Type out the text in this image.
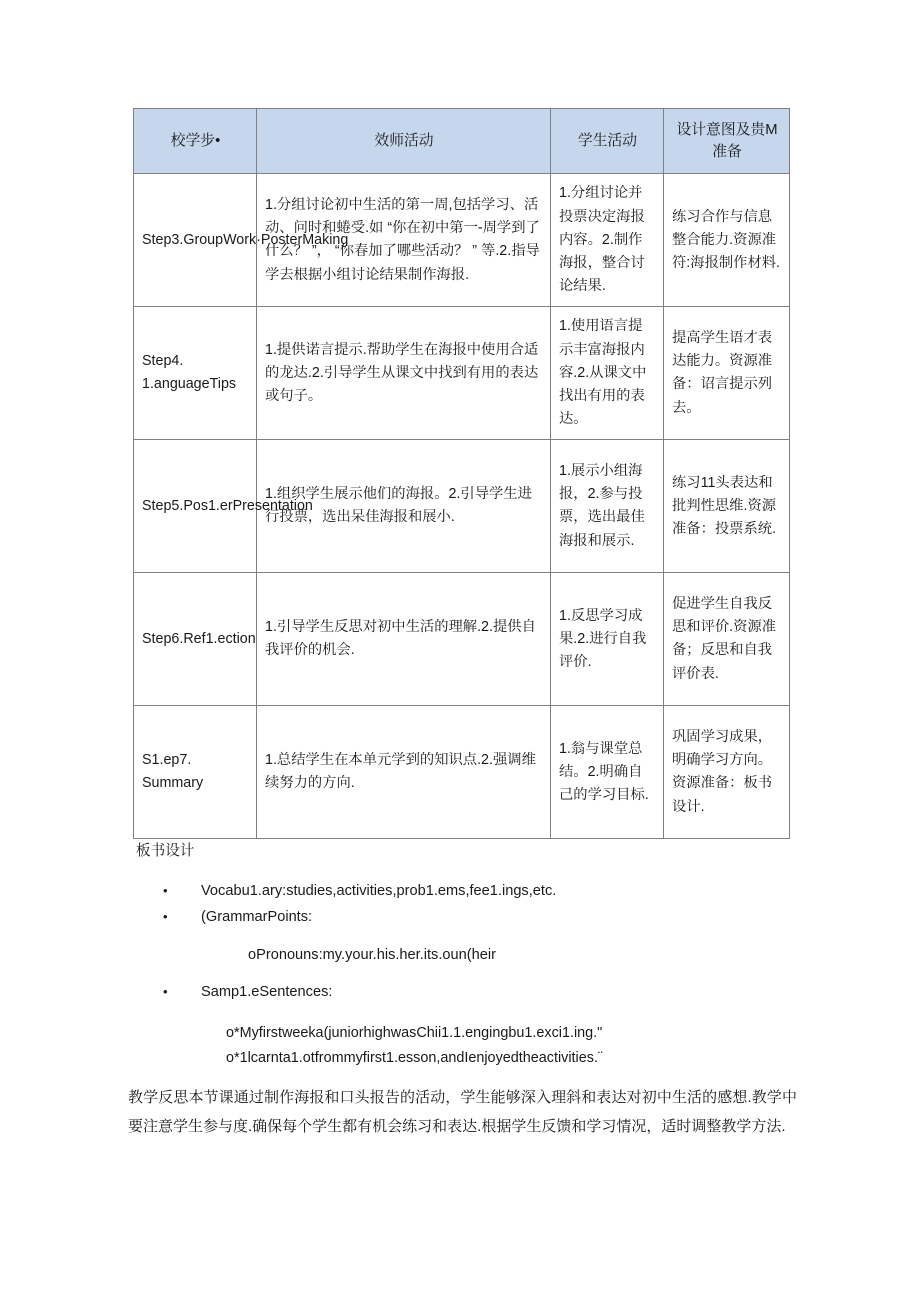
校学步•	效师活动	学生活动	设计意图及贵M准备
Step3.GroupWork·PosterMaking	1.分组讨论初中生活的第一周,包括学习、活动、问时和蜷受.如 “你在初中第一-周学到了什么？ ”， “你春加了哪些活动？ ” 等.2.指导学去根据小组讨论结果制作海报.	1.分组讨论并投票决定海报内容。2.制作海报，整合讨论结果.	练习合作与信息整合能力.资源准符:海报制作材料.
Step4. 1.anguageTips	1.提供诺言提示.帮助学生在海报中使用合适的龙达.2.引导学生从课文中找到有用的表达或句子。	1.使用语言提示丰富海报内容.2.从课文中找出有用的表达。	提高学生语才表达能力。资源准备：诏言提示列去。
Step5.Pos1.erPresentation	1.组织学生展示他们的海报。2.引导学生进行投票，选出呆佳海报和展小.	1.展示小组海报，2.参与投票，选出最佳海报和展示.	练习11头表达和批判性思维.资源准备：投票系统.
Step6.Ref1.ection	1.引导学生反思对初中生活的理解.2.提供自我评价的机会.	1.反思学习成果.2.进行自我评价.	促进学生自我反思和评价.资源准备；反思和自我评价表.
S1.ep7. Summary	1.总结学生在本单元学到的知识点.2.强调维续努力的方向.	1.翁与课堂总结。2.明确自己的学习目标.	巩固学习成果，明确学习方向。资源准备：板书设计.
板书设计
•	Vocabu1.ary:studies,activities,prob1.ems,fee1.ings,etc.
•	(GrammarPoints:
oPronouns:my.your.his.her.its.oun(heir
•	Samp1.eSentences:
o*Myfirstweeka(juniorhighwasChii1.1.engingbu1.exci1.ing."
o*1lcarnta1.otfrommyfirst1.esson,andIenjoyedtheactivities.¨
教学反思本节课通过制作海报和口头报告的活动，学生能够深入理斜和表达对初中生活的感想.教学中要注意学生参与度.确保每个学生都有机会练习和表达.根据学生反馈和学习情况，适时调整教学方法.
